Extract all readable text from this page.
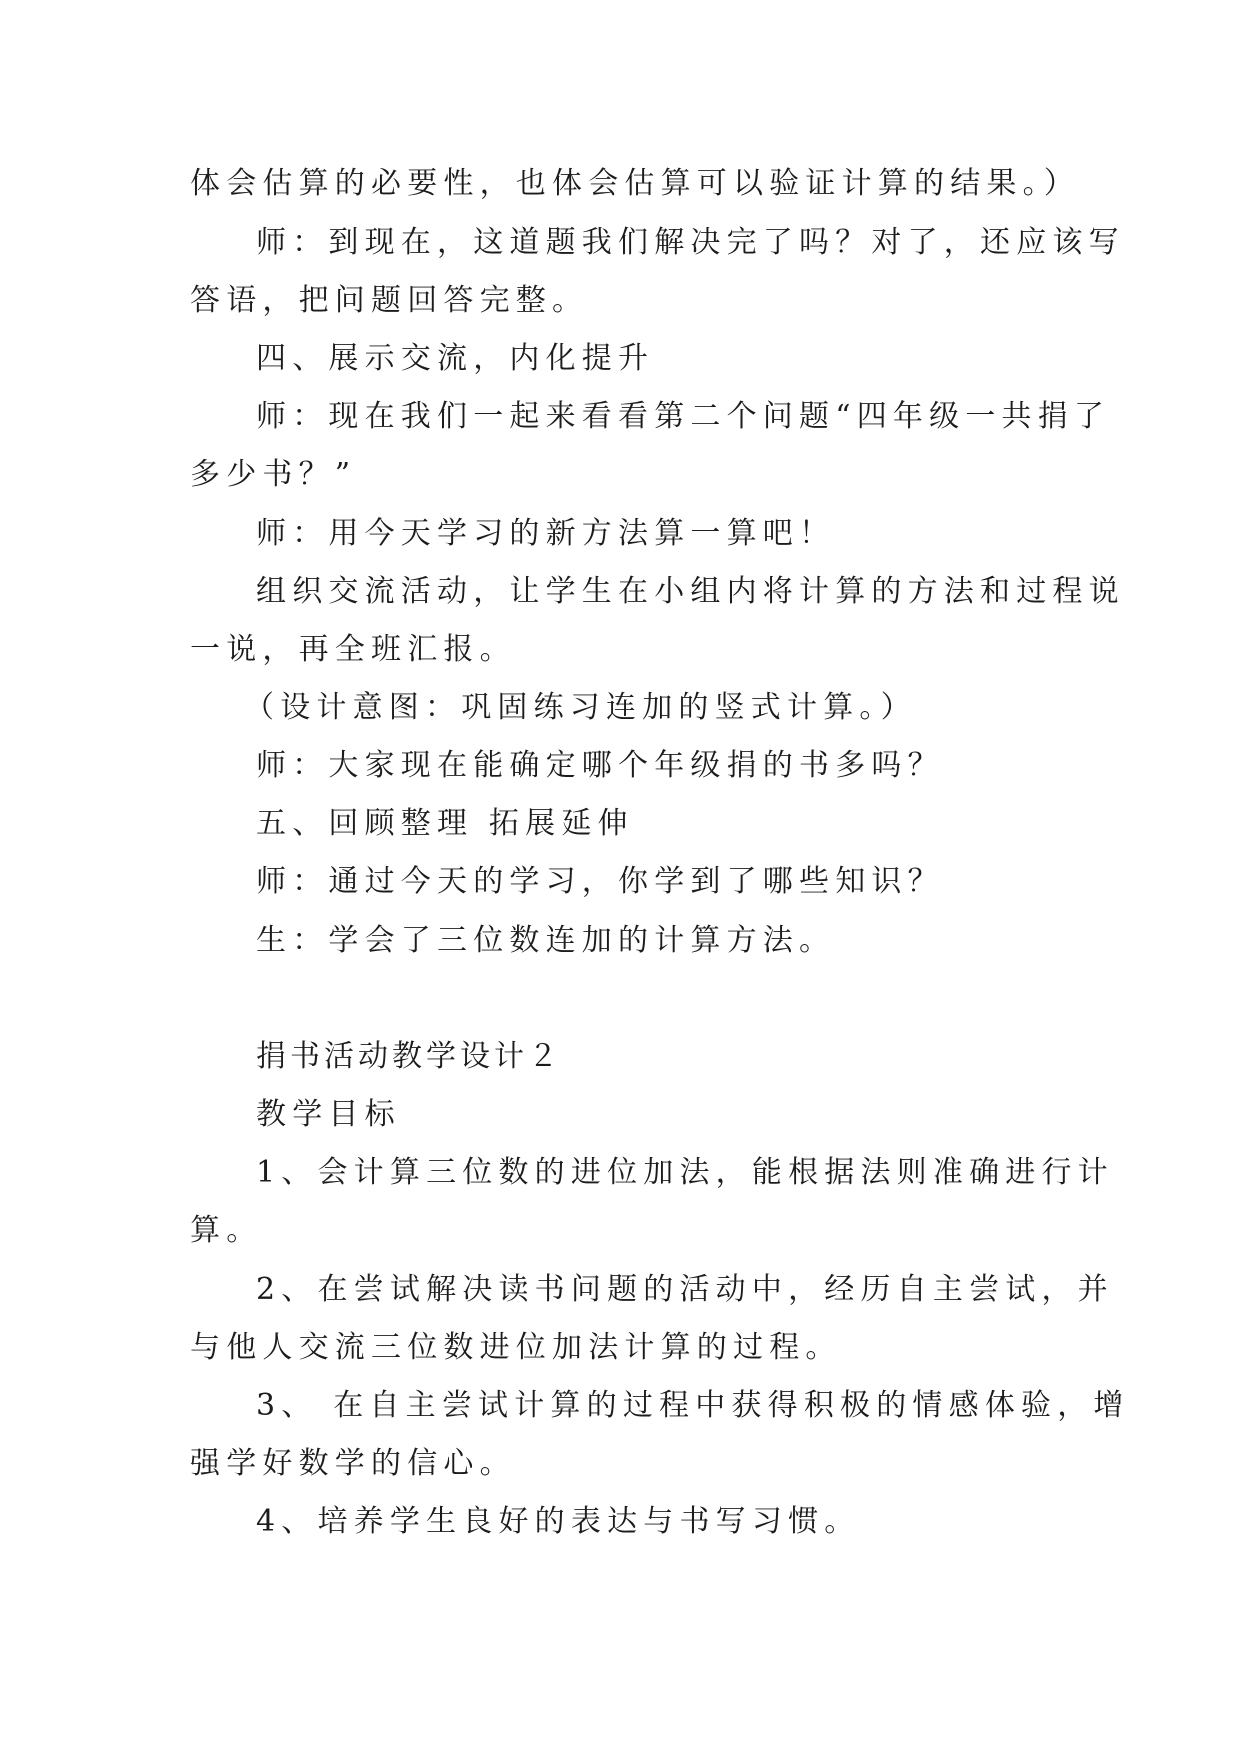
体会估算的必要性，也体会估算可以验证计算的结果。）
师：到现在，这道题我们解决完了吗？对了，还应该写
答语，把问题回答完整。
四、展示交流，内化提升
师：现在我们一起来看看第二个问题“四年级一共捐了
多少书？”
师：用今天学习的新方法算一算吧！
组织交流活动，让学生在小组内将计算的方法和过程说
一说，再全班汇报。
（设计意图：巩固练习连加的竖式计算。）
师：大家现在能确定哪个年级捐的书多吗？
五、回顾整理 拓展延伸
师：通过今天的学习，你学到了哪些知识？
生：学会了三位数连加的计算方法。
捐书活动教学设计２
教学目标
1、会计算三位数的进位加法，能根据法则准确进行计
算。
2、在尝试解决读书问题的活动中，经历自主尝试，并
与他人交流三位数进位加法计算的过程。
3、 在自主尝试计算的过程中获得积极的情感体验，增
强学好数学的信心。
4、培养学生良好的表达与书写习惯。
